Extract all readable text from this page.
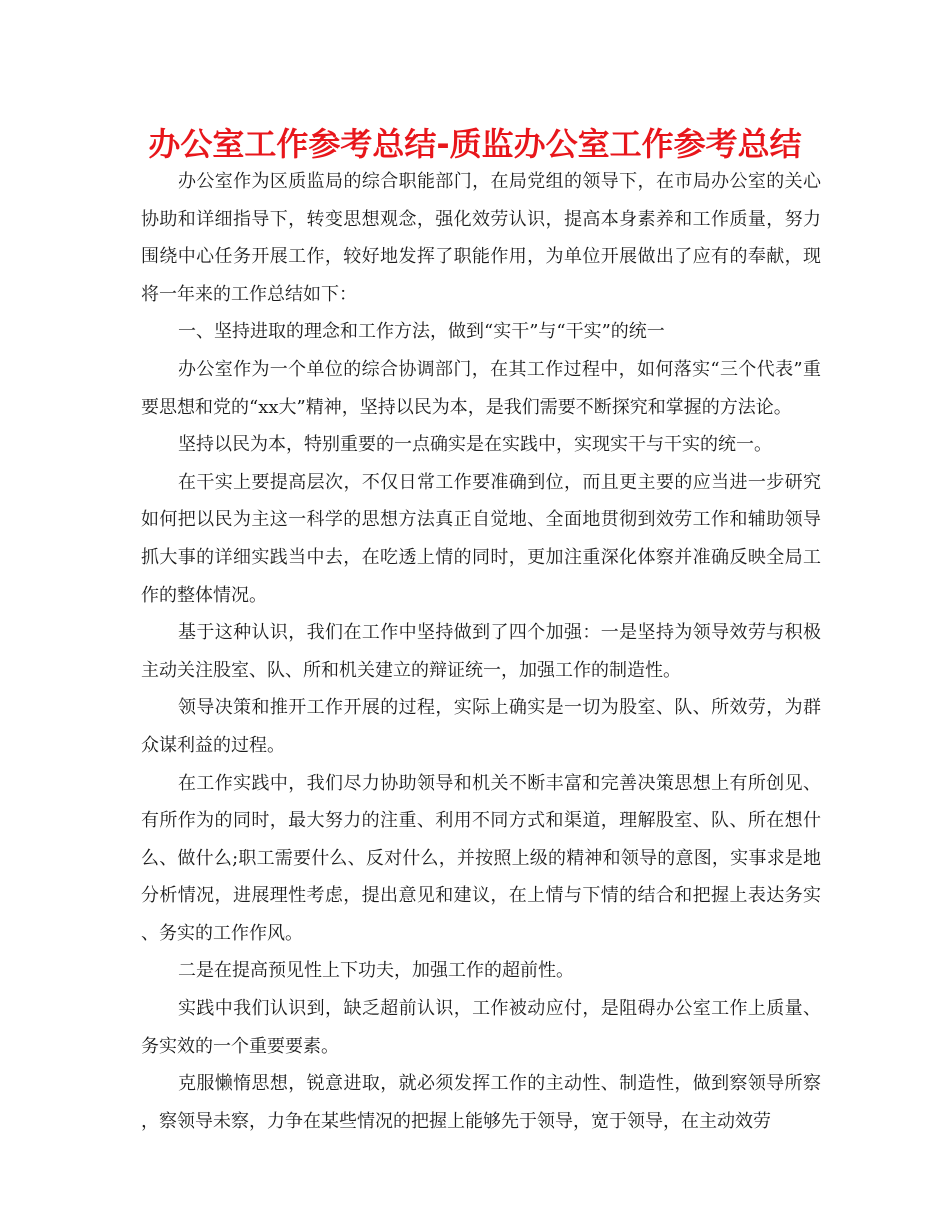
办公室工作参考总结-质监办公室工作参考总结

办公室作为区质监局的综合职能部门，在局党组的领导下，在市局办公室的关心协助和详细指导下，转变思想观念，强化效劳认识，提高本身素养和工作质量，努力围绕中心任务开展工作，较好地发挥了职能作用，为单位开展做出了应有的奉献，现将一年来的工作总结如下：

一、坚持进取的理念和工作方法，做到“实干”与“干实”的统一

办公室作为一个单位的综合协调部门，在其工作过程中，如何落实“三个代表”重要思想和党的“xx大”精神，坚持以民为本，是我们需要不断探究和掌握的方法论。

坚持以民为本，特别重要的一点确实是在实践中，实现实干与干实的统一。

在干实上要提高层次，不仅日常工作要准确到位，而且更主要的应当进一步研究如何把以民为主这一科学的思想方法真正自觉地、全面地贯彻到效劳工作和辅助领导抓大事的详细实践当中去，在吃透上情的同时，更加注重深化体察并准确反映全局工作的整体情况。

基于这种认识，我们在工作中坚持做到了四个加强：一是坚持为领导效劳与积极主动关注股室、队、所和机关建立的辩证统一，加强工作的制造性。

领导决策和推开工作开展的过程，实际上确实是一切为股室、队、所效劳，为群众谋利益的过程。

在工作实践中，我们尽力协助领导和机关不断丰富和完善决策思想上有所创见、有所作为的同时，最大努力的注重、利用不同方式和渠道，理解股室、队、所在想什么、做什么;职工需要什么、反对什么，并按照上级的精神和领导的意图，实事求是地分析情况，进展理性考虑，提出意见和建议，在上情与下情的结合和把握上表达务实、务实的工作作风。

二是在提高预见性上下功夫，加强工作的超前性。

实践中我们认识到，缺乏超前认识，工作被动应付，是阻碍办公室工作上质量、务实效的一个重要要素。

克服懒惰思想，锐意进取，就必须发挥工作的主动性、制造性，做到察领导所察，察领导未察，力争在某些情况的把握上能够先于领导，宽于领导，在主动效劳
